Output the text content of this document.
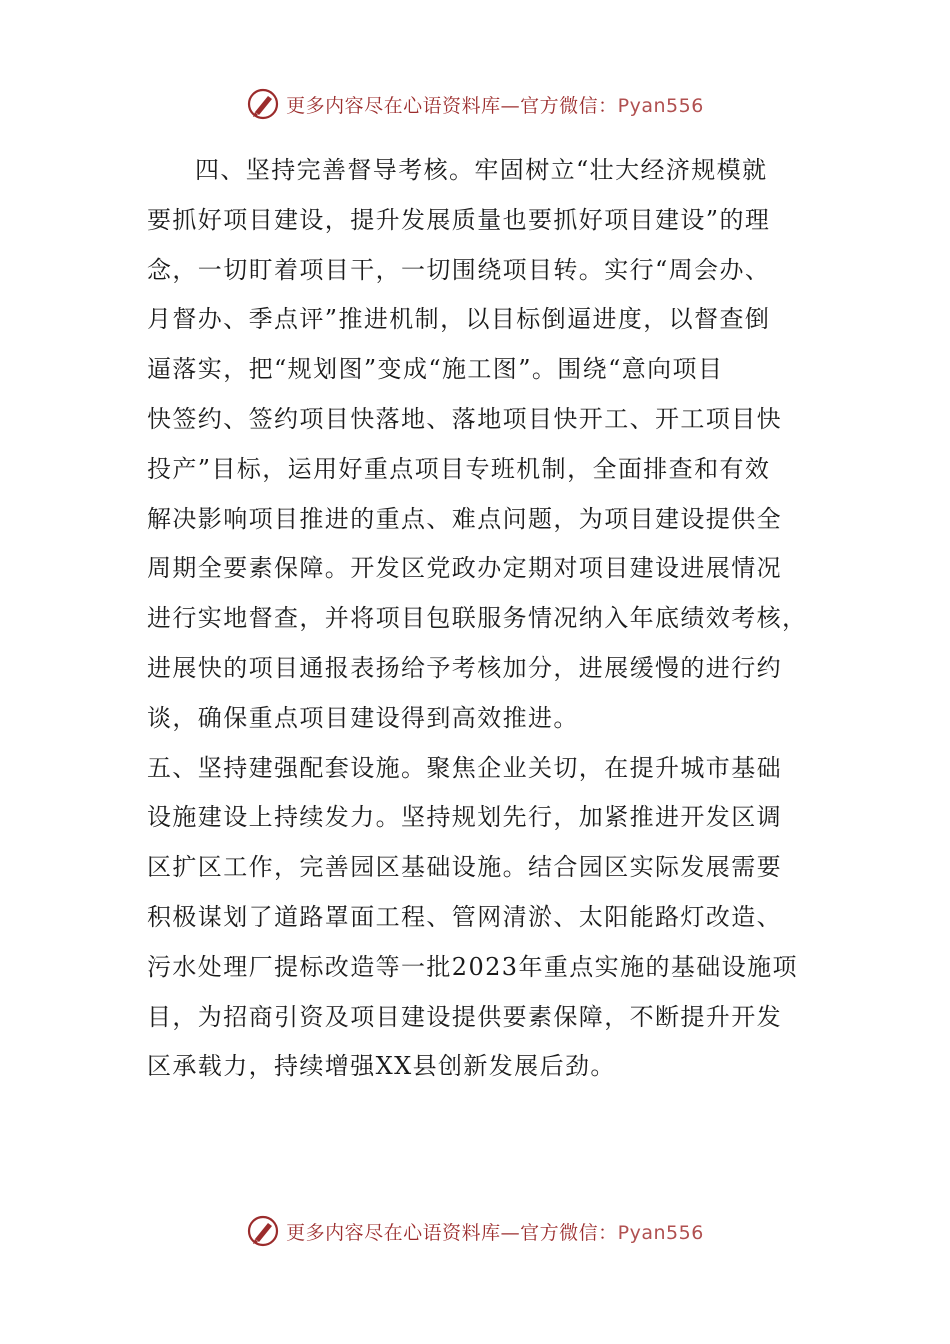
更多内容尽在心语资料库—官方微信：Pyan556
四、坚持完善督导考核。牢固树立“壮大经济规模就
要抓好项目建设，提升发展质量也要抓好项目建设”的理
念，一切盯着项目干，一切围绕项目转。实行“周会办、
月督办、季点评”推进机制，以目标倒逼进度，以督查倒
逼落实，把“规划图”变成“施工图”。围绕“意向项目
快签约、签约项目快落地、落地项目快开工、开工项目快
投产”目标，运用好重点项目专班机制，全面排查和有效
解决影响项目推进的重点、难点问题，为项目建设提供全
周期全要素保障。开发区党政办定期对项目建设进展情况
进行实地督查，并将项目包联服务情况纳入年底绩效考核，
进展快的项目通报表扬给予考核加分，进展缓慢的进行约
谈，确保重点项目建设得到高效推进。
五、坚持建强配套设施。聚焦企业关切，在提升城市基础
设施建设上持续发力。坚持规划先行，加紧推进开发区调
区扩区工作，完善园区基础设施。结合园区实际发展需要
积极谋划了道路罩面工程、管网清淤、太阳能路灯改造、
污水处理厂提标改造等一批2023年重点实施的基础设施项
目，为招商引资及项目建设提供要素保障，不断提升开发
区承载力，持续增强XX县创新发展后劲。
更多内容尽在心语资料库—官方微信：Pyan556
